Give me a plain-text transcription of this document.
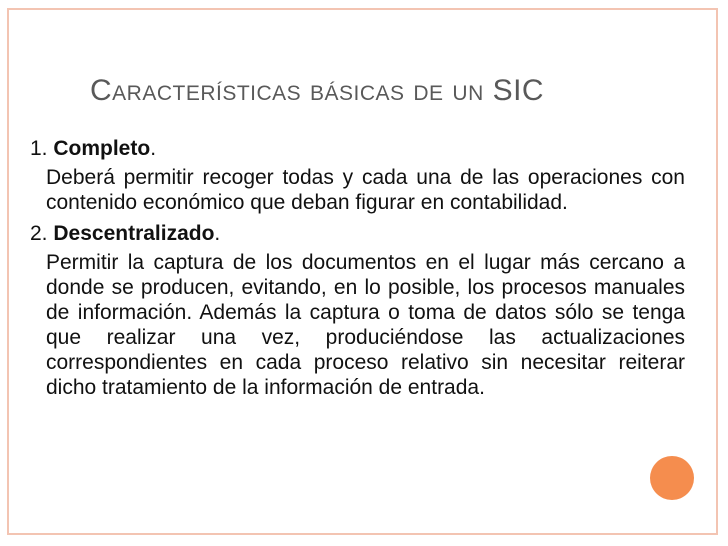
Características básicas de un SIC

1. Completo.

Deberá permitir recoger todas y cada una de las operaciones con contenido económico que deban figurar en contabilidad.

2. Descentralizado.

Permitir la captura de los documentos en el lugar más cercano a donde se producen, evitando, en lo posible, los procesos manuales de información. Además la captura o toma de datos sólo se tenga que realizar una vez, produciéndose las actualizaciones correspondientes en cada proceso relativo sin necesitar reiterar dicho tratamiento de la información de entrada.
